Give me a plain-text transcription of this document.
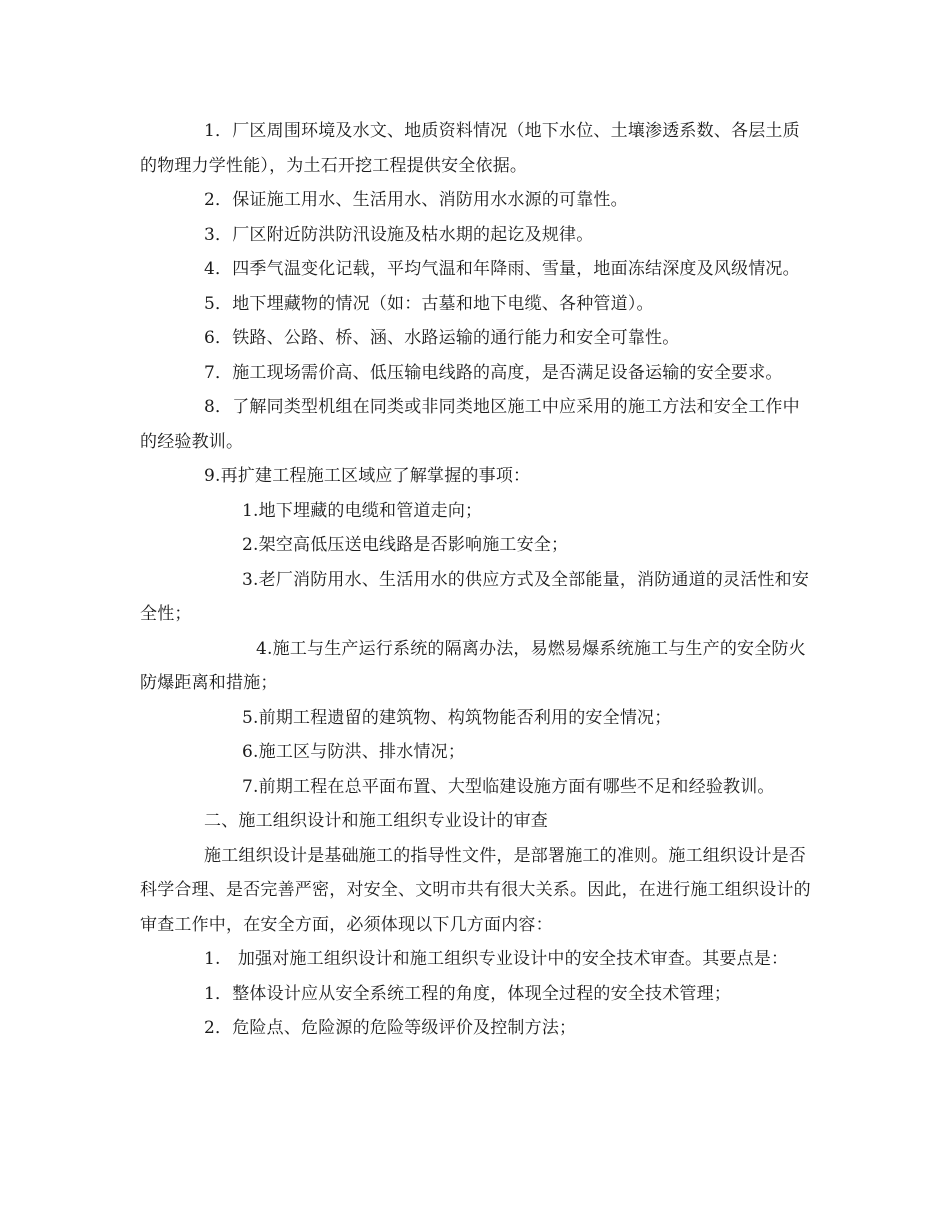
1．厂区周围环境及水文、地质资料情况（地下水位、土壤渗透系数、各层土质的物理力学性能），为土石开挖工程提供安全依据。

2．保证施工用水、生活用水、消防用水水源的可靠性。

3．厂区附近防洪防汛设施及枯水期的起讫及规律。

4．四季气温变化记载，平均气温和年降雨、雪量，地面冻结深度及风级情况。

5．地下埋藏物的情况（如：古墓和地下电缆、各种管道）。

6．铁路、公路、桥、涵、水路运输的通行能力和安全可靠性。

7．施工现场需价高、低压输电线路的高度，是否满足设备运输的安全要求。

8．了解同类型机组在同类或非同类地区施工中应采用的施工方法和安全工作中的经验教训。

9.再扩建工程施工区域应了解掌握的事项：

1.地下埋藏的电缆和管道走向；

2.架空高低压送电线路是否影响施工安全；

3.老厂消防用水、生活用水的供应方式及全部能量，消防通道的灵活性和安全性；

4.施工与生产运行系统的隔离办法，易燃易爆系统施工与生产的安全防火防爆距离和措施；

5.前期工程遗留的建筑物、构筑物能否利用的安全情况；

6.施工区与防洪、排水情况；

7.前期工程在总平面布置、大型临建设施方面有哪些不足和经验教训。

二、施工组织设计和施工组织专业设计的审查

施工组织设计是基础施工的指导性文件，是部署施工的准则。施工组织设计是否科学合理、是否完善严密，对安全、文明市共有很大关系。因此，在进行施工组织设计的审查工作中，在安全方面，必须体现以下几方面内容：

1.　加强对施工组织设计和施工组织专业设计中的安全技术审查。其要点是：

1．整体设计应从安全系统工程的角度，体现全过程的安全技术管理；

2．危险点、危险源的危险等级评价及控制方法；
